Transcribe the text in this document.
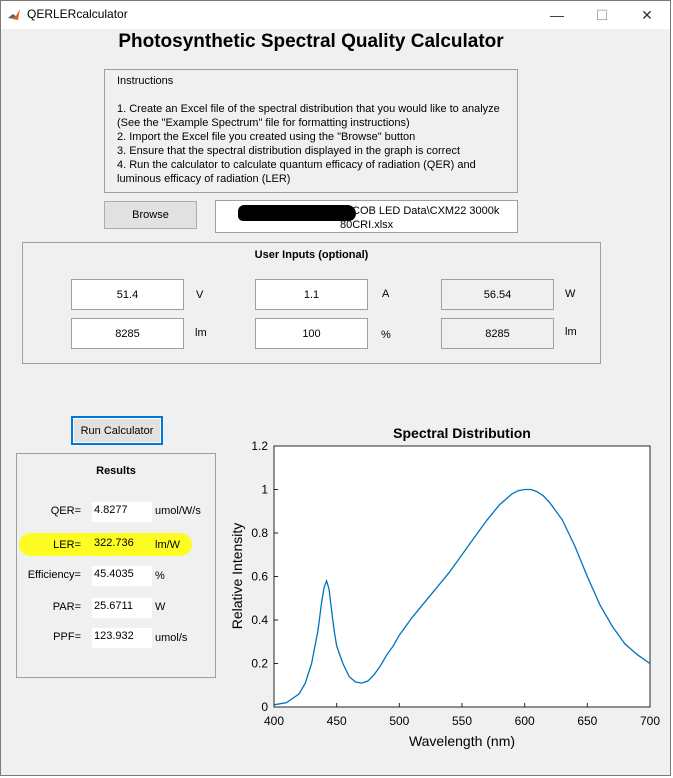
QERLERcalculator	—	☐	✕
Photosynthetic Spectral Quality Calculator
Instructions
1. Create an Excel file of the spectral distribution that you would like to analyze
(See the "Example Spectrum" file for formatting instructions)
2. Import the Excel file you created using the "Browse" button
3. Ensure that the spectral distribution displayed in the graph is correct
4. Run the calculator to calculate quantum efficacy of radiation (QER) and
luminous efficacy of radiation (LER)
Browse	COB LED Data\CXM22 3000k
80CRI.xlsx
User Inputs (optional)
51.4	V	1.1	A	56.54	W
8285	lm	100	%	8285	lm
Run Calculator
Results
QER= 4.8277	umol/W/s
LER= 322.736	lm/W
Efficiency= 45.4035	%
PAR= 25.6711	W
PPF= 123.932	umol/s
Spectral Distribution
Wavelength (nm)
Relative Intensity
400	450	500	550	600	650	700
0
0.2
0.4
0.6
0.8
1
1.2
